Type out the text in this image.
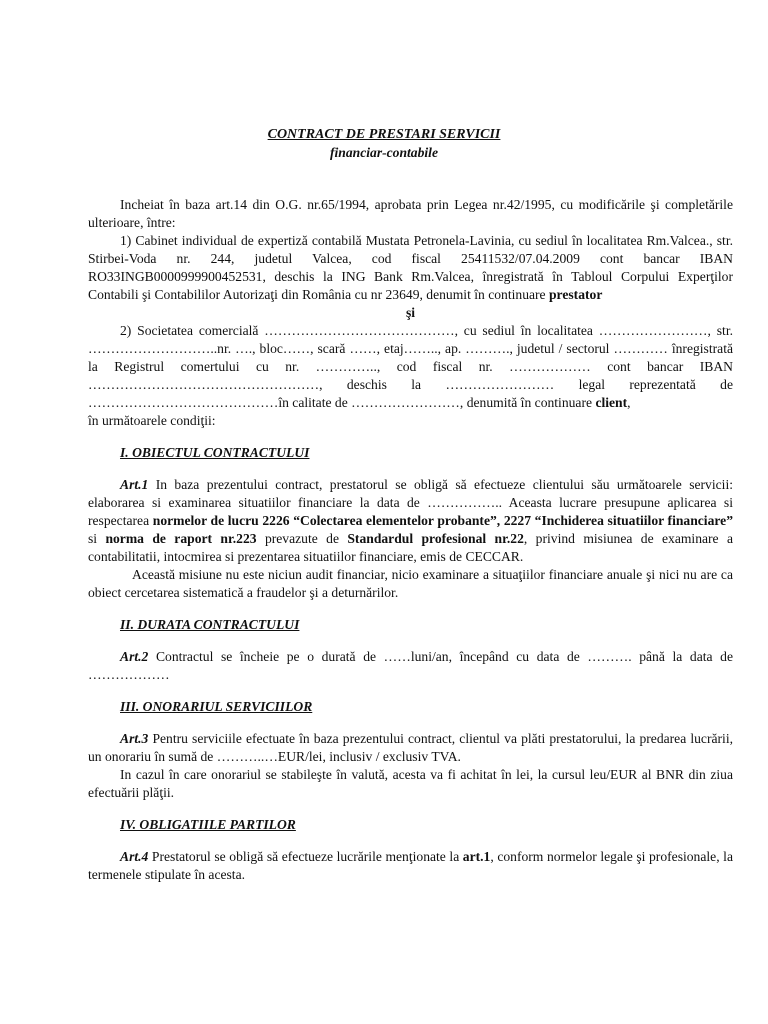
CONTRACT DE PRESTARI SERVICII
financiar-contabile

Incheiat în baza art.14 din O.G. nr.65/1994, aprobata prin Legea nr.42/1995, cu modificările şi completările ulterioare, între:

1) Cabinet individual de expertiză contabilă Mustata Petronela-Lavinia, cu sediul în localitatea Rm.Valcea., str. Stirbei-Voda nr. 244, judetul Valcea, cod fiscal 25411532/07.04.2009 cont bancar IBAN RO33INGB0000999900452531, deschis la ING Bank Rm.Valcea, înregistrată în Tabloul Corpului Experţilor Contabili şi Contabililor Autorizaţi din România cu nr 23649, denumit în continuare prestator

şi

2) Societatea comercială ……………………………………, cu sediul în localitatea ……………………, str. ………………………..nr. …., bloc……, scară ……, etaj…….., ap. ………., judetul / sectorul ………… înregistrată la Registrul comertului cu nr. ………….., cod fiscal nr. ……………… cont bancar IBAN ……………………………………………, deschis la …………………… legal reprezentată de ……………………………………în calitate de ……………………, denumită în continuare client,

în următoarele condiţii:

I. OBIECTUL CONTRACTULUI

Art.1 In baza prezentului contract, prestatorul se obligă să efectueze clientului său următoarele servicii: elaborarea si examinarea situatiilor financiare la data de …………….. Aceasta lucrare presupune aplicarea si respectarea normelor de lucru 2226 “Colectarea elementelor probante”, 2227 “Inchiderea situatiilor financiare” si norma de raport nr.223 prevazute de Standardul profesional nr.22, privind misiunea de examinare a contabilitatii, intocmirea si prezentarea situatiilor financiare, emis de CECCAR.

Această misiune nu este niciun audit financiar, nicio examinare a situaţiilor financiare anuale şi nici nu are ca obiect cercetarea sistematică a fraudelor şi a deturnărilor.

II. DURATA CONTRACTULUI

Art.2 Contractul se încheie pe o durată de ……luni/an, începând cu data de ………. până la data de ………………

III. ONORARIUL SERVICIILOR

Art.3 Pentru serviciile efectuate în baza prezentului contract, clientul va plăti prestatorului, la predarea lucrării, un onorariu în sumă de ………..…EUR/lei, inclusiv / exclusiv TVA.

In cazul în care onorariul se stabileşte în valută, acesta va fi achitat în lei, la cursul leu/EUR al BNR din ziua efectuării plăţii.

IV. OBLIGATIILE PARTILOR

Art.4 Prestatorul se obligă să efectueze lucrările menţionate la art.1, conform normelor legale şi profesionale, la termenele stipulate în acesta.
